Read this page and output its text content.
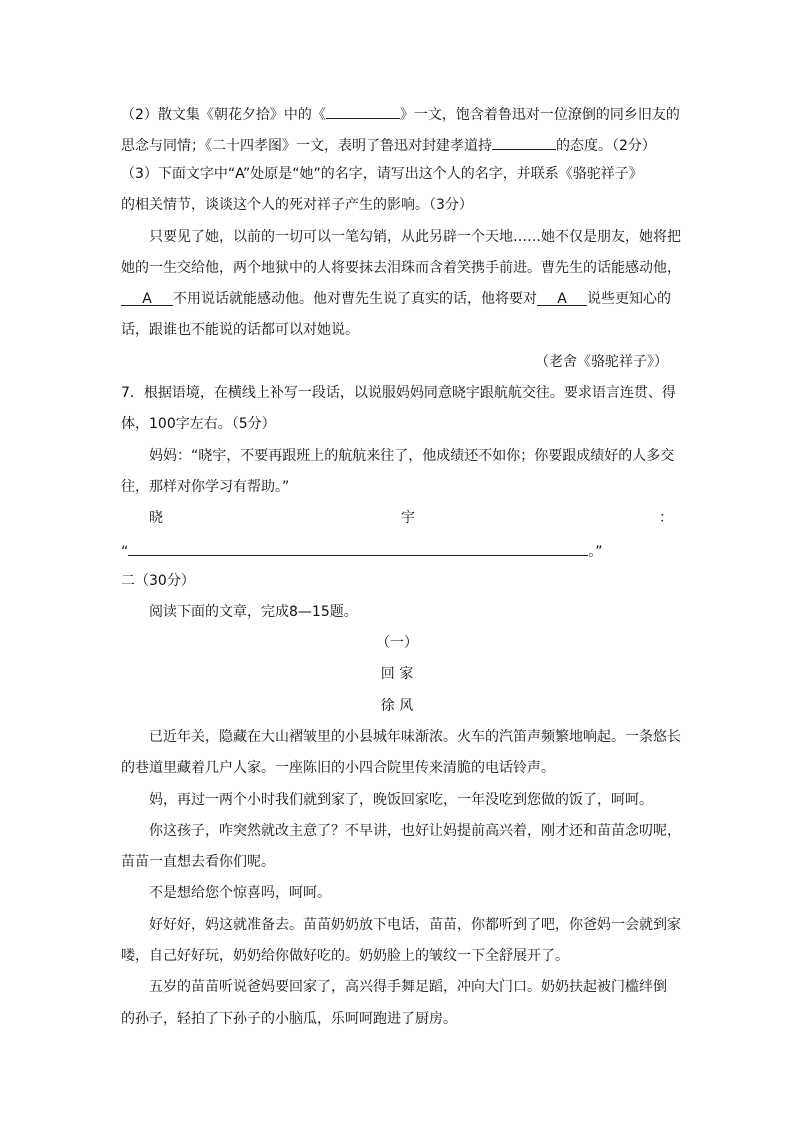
（2）散文集《朝花夕拾》中的《	》一文，饱含着鲁迅对一位潦倒的同乡旧友的
思念与同情；《二十四孝图》一文，表明了鲁迅对封建孝道持	的态度。（2分）
（3）下面文字中“A”处原是“她”的名字，请写出这个人的名字，并联系《骆驼祥子》
的相关情节，谈谈这个人的死对祥子产生的影响。（3分）
只要见了她，以前的一切可以一笔勾销，从此另辟一个天地……她不仅是朋友，她将把
她的一生交给他，两个地狱中的人将要抹去泪珠而含着笑携手前进。曹先生的话能感动他，
A 不用说话就能感动他。他对曹先生说了真实的话，他将要对 A 说些更知心的
话，跟谁也不能说的话都可以对她说。
（老舍《骆驼祥子》）
7．根据语境，在横线上补写一段话，以说服妈妈同意晓宇跟航航交往。要求语言连贯、得
体，100字左右。（5分）
妈妈：“晓宇，不要再跟班上的航航来往了，他成绩还不如你；你要跟成绩好的人多交
往，那样对你学习有帮助。”
晓	宇	：
“	。”
二（30分）
阅读下面的文章，完成8—15题。
（一）
回 家
徐 风
已近年关，隐藏在大山褶皱里的小县城年味渐浓。火车的汽笛声频繁地响起。一条悠长
的巷道里藏着几户人家。一座陈旧的小四合院里传来清脆的电话铃声。
妈，再过一两个小时我们就到家了，晚饭回家吃，一年没吃到您做的饭了，呵呵。
你这孩子，咋突然就改主意了？不早讲，也好让妈提前高兴着，刚才还和苗苗念叨呢，
苗苗一直想去看你们呢。
不是想给您个惊喜吗，呵呵。
好好好，妈这就准备去。苗苗奶奶放下电话，苗苗，你都听到了吧，你爸妈一会就到家
喽，自己好好玩，奶奶给你做好吃的。奶奶脸上的皱纹一下全舒展开了。
五岁的苗苗听说爸妈要回家了，高兴得手舞足蹈，冲向大门口。奶奶扶起被门槛绊倒
的孙子，轻拍了下孙子的小脑瓜，乐呵呵跑进了厨房。
